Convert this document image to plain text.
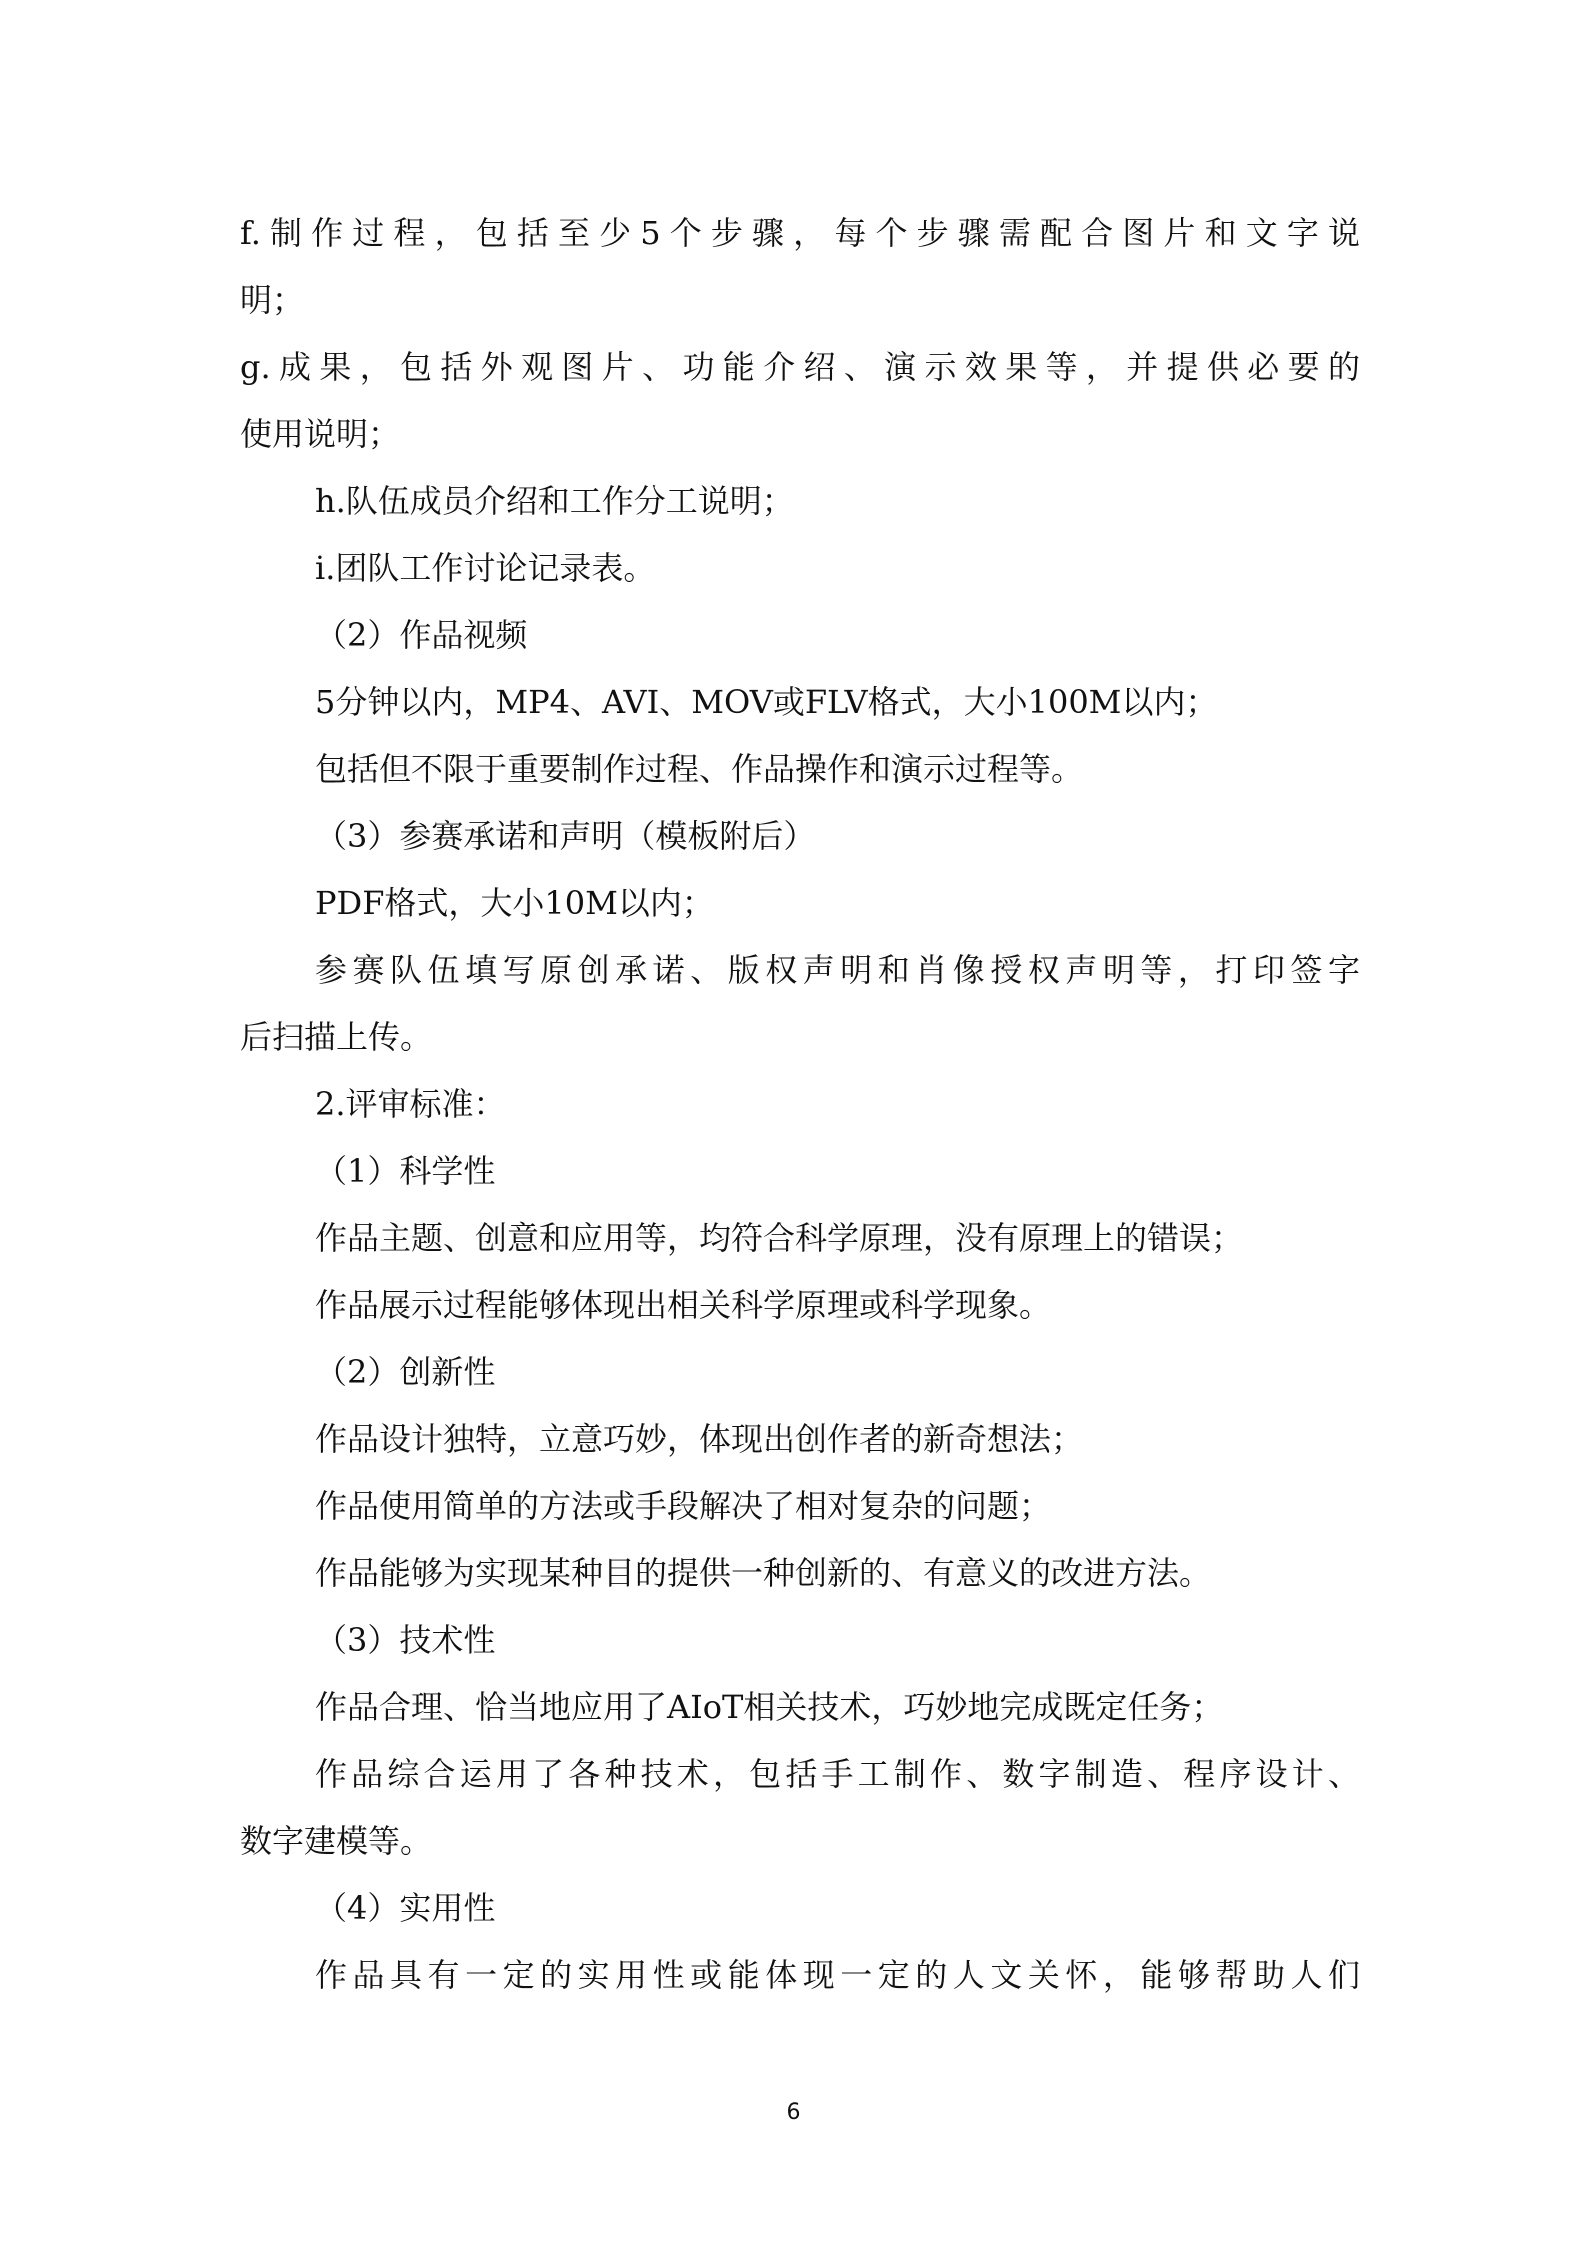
f.制作过程，包括至少5个步骤，每个步骤需配合图片和文字说
明；
g.成果，包括外观图片、功能介绍、演示效果等，并提供必要的
使用说明；
h.队伍成员介绍和工作分工说明；
i.团队工作讨论记录表。
（2）作品视频
5分钟以内，MP4、AVI、MOV或FLV格式，大小100M以内；
包括但不限于重要制作过程、作品操作和演示过程等。
（3）参赛承诺和声明（模板附后）
PDF格式，大小10M以内；
参赛队伍填写原创承诺、版权声明和肖像授权声明等，打印签字
后扫描上传。
2.评审标准：
（1）科学性
作品主题、创意和应用等，均符合科学原理，没有原理上的错误；
作品展示过程能够体现出相关科学原理或科学现象。
（2）创新性
作品设计独特，立意巧妙，体现出创作者的新奇想法；
作品使用简单的方法或手段解决了相对复杂的问题；
作品能够为实现某种目的提供一种创新的、有意义的改进方法。
（3）技术性
作品合理、恰当地应用了AIoT相关技术，巧妙地完成既定任务；
作品综合运用了各种技术，包括手工制作、数字制造、程序设计、
数字建模等。
（4）实用性
作品具有一定的实用性或能体现一定的人文关怀，能够帮助人们
6
